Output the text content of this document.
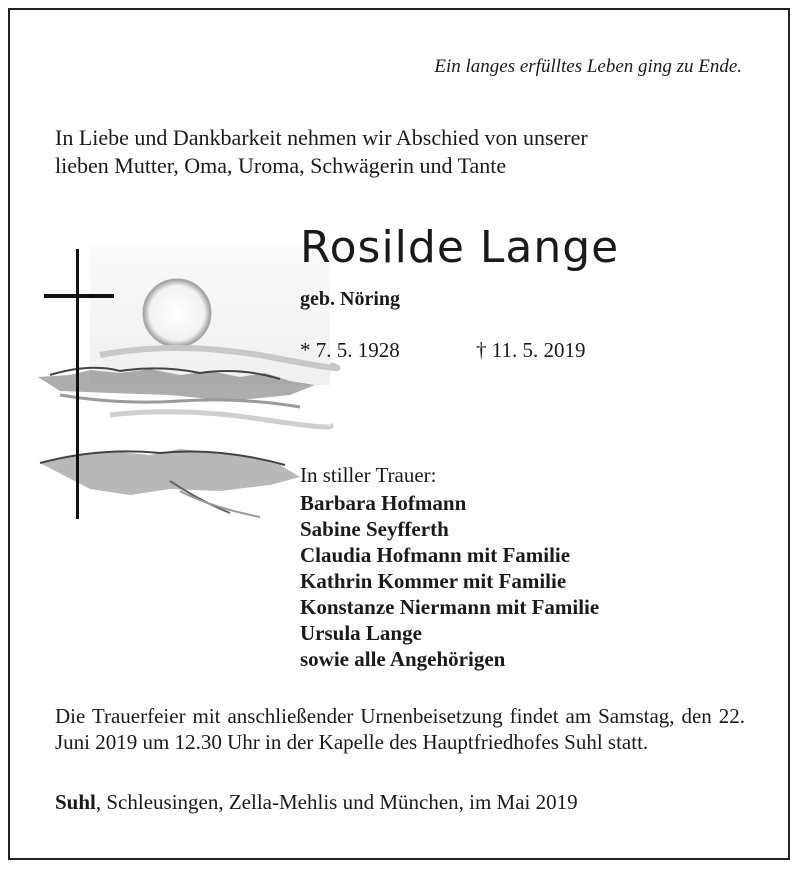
Ein langes erfülltes Leben ging zu Ende.
In Liebe und Dankbarkeit nehmen wir Abschied von unserer
lieben Mutter, Oma, Uroma, Schwägerin und Tante
Rosilde Lange
geb. Nöring
* 7. 5. 1928	† 11. 5. 2019
In stiller Trauer:
Barbara Hofmann
Sabine Seyfferth
Claudia Hofmann mit Familie
Kathrin Kommer mit Familie
Konstanze Niermann mit Familie
Ursula Lange
sowie alle Angehörigen
Die Trauerfeier mit anschließender Urnenbeisetzung findet am Samstag, den 22. Juni 2019 um 12.30 Uhr in der Kapelle des Hauptfriedhofes Suhl statt.
Suhl, Schleusingen, Zella-Mehlis und München, im Mai 2019
